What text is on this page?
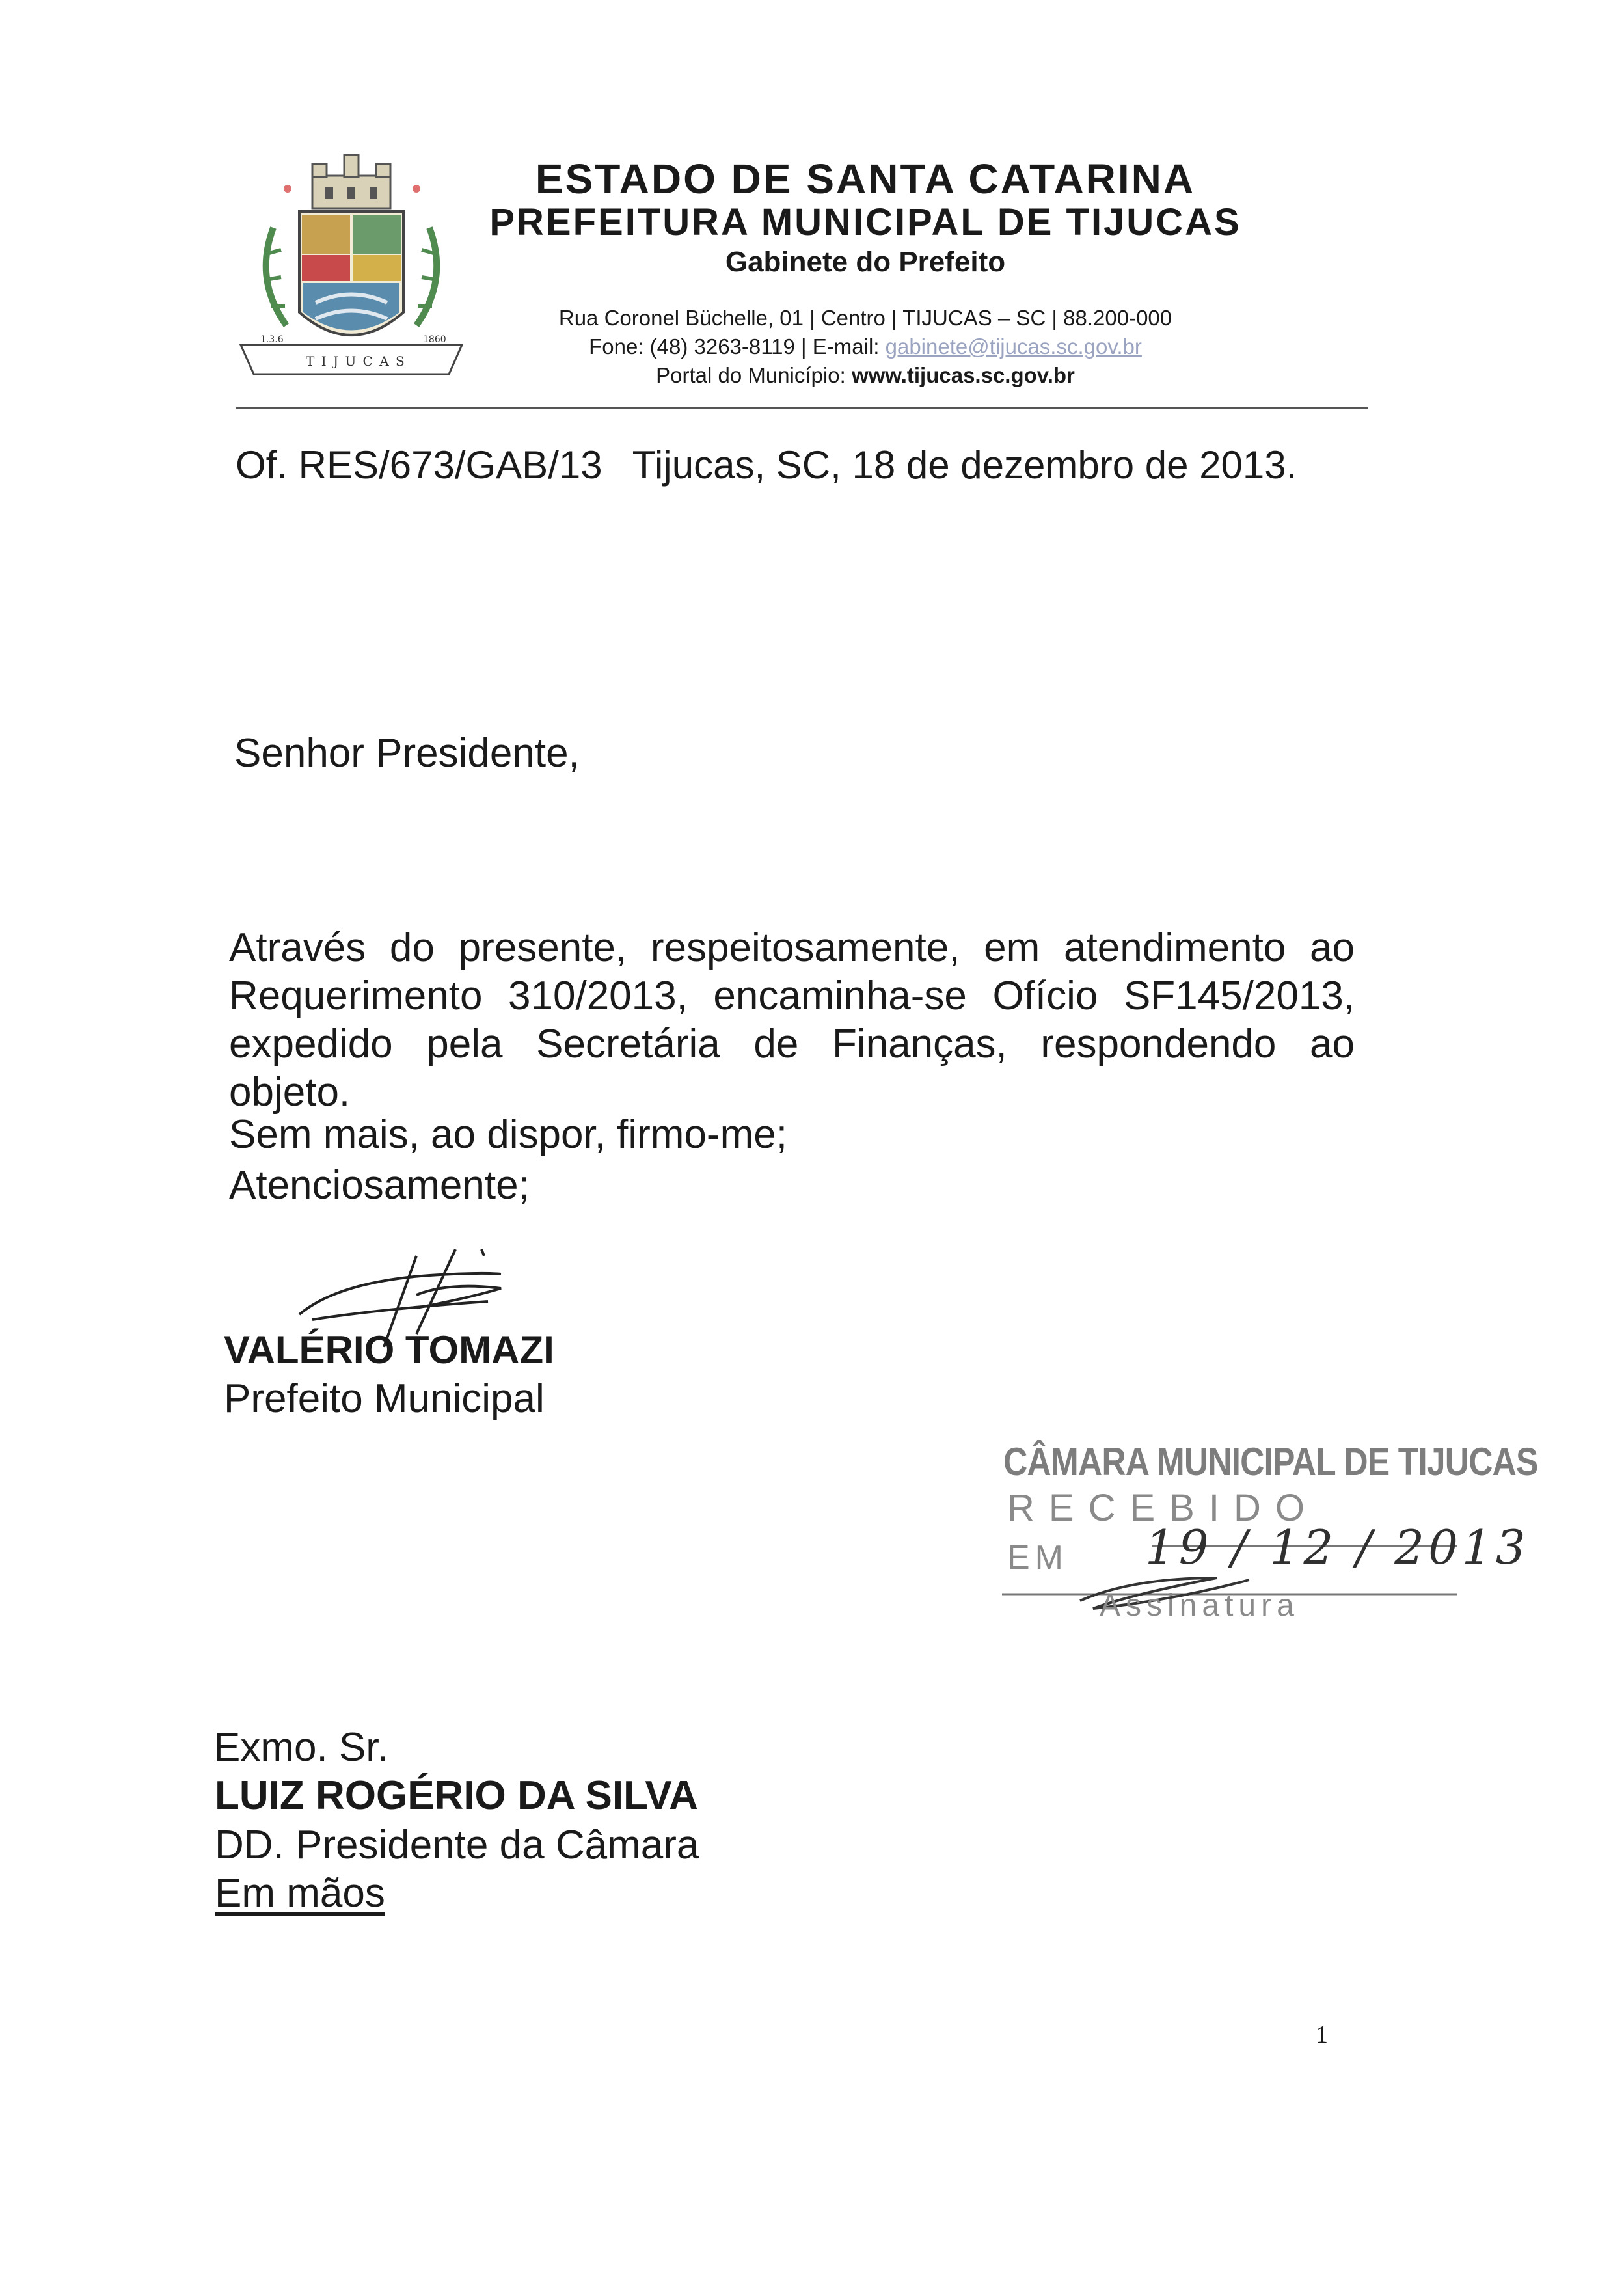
1.3.6	1860
T I J U C A S
ESTADO DE SANTA CATARINA
PREFEITURA MUNICIPAL DE TIJUCAS
Gabinete do Prefeito
Rua Coronel Büchelle, 01 | Centro | TIJUCAS – SC | 88.200-000
Fone: (48) 3263-8119 | E-mail: gabinete@tijucas.sc.gov.br
Portal do Município: www.tijucas.sc.gov.br
Of. RES/673/GAB/13 Tijucas, SC, 18 de dezembro de 2013.
Senhor Presidente,
Através do presente, respeitosamente, em atendimento ao
Requerimento 310/2013, encaminha-se Ofício SF145/2013,
expedido pela Secretária de Finanças, respondendo ao
objeto.
Sem mais, ao dispor, firmo-me;
Atenciosamente;
VALÉRIO TOMAZI
Prefeito Municipal
CÂMARA MUNICIPAL DE TIJUCAS
RECEBIDO
EM 19 / 12 / 2013
Assinatura
Exmo. Sr.
LUIZ ROGÉRIO DA SILVA
DD. Presidente da Câmara
Em mãos
1
